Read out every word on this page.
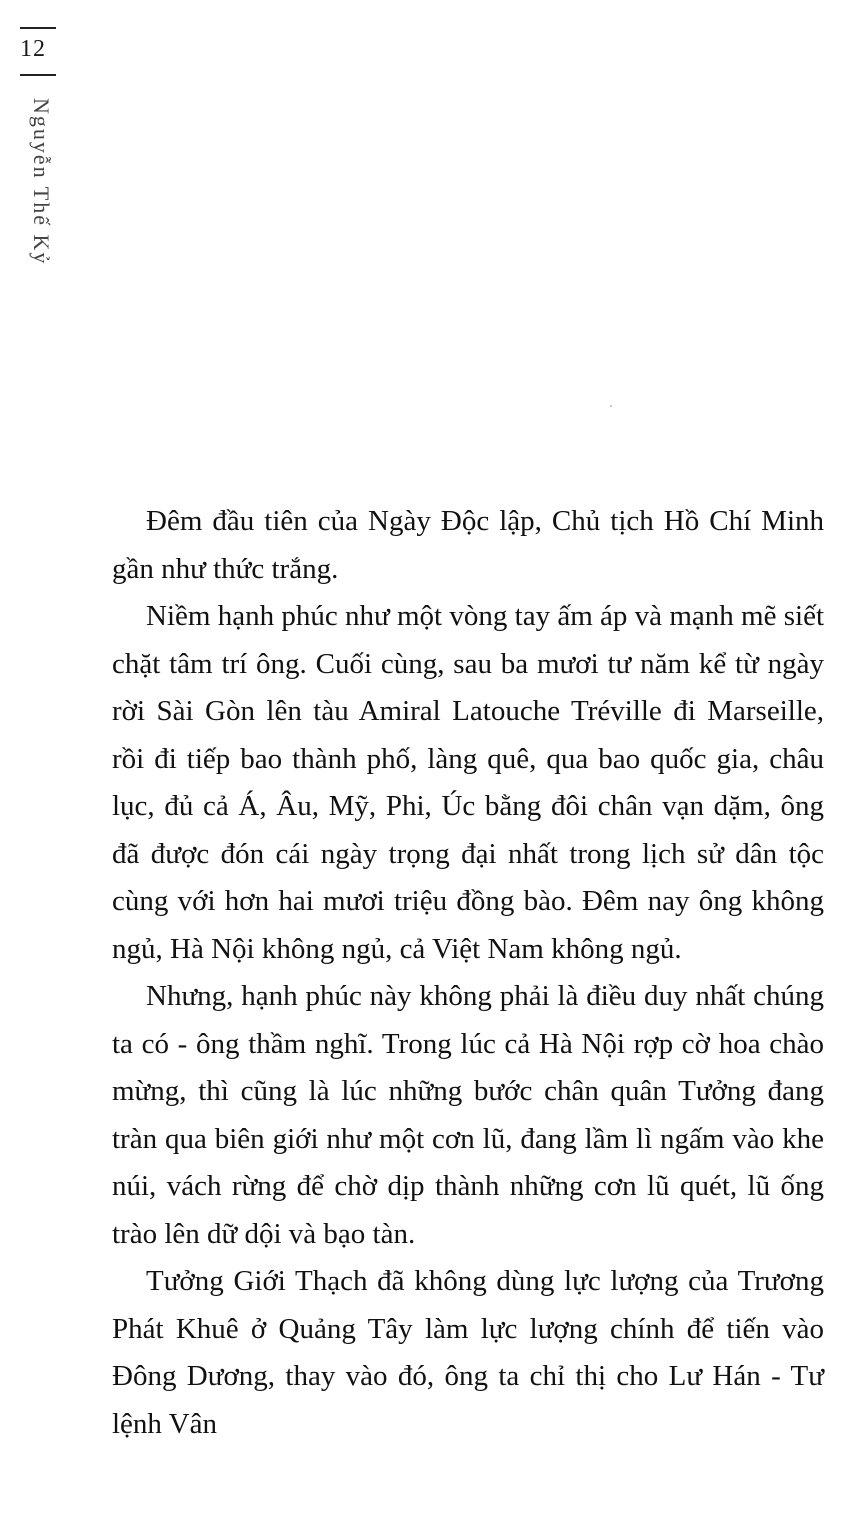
12
Nguyễn Thế Kỷ

Đêm đầu tiên của Ngày Độc lập, Chủ tịch Hồ Chí Minh gần như thức trắng.

Niềm hạnh phúc như một vòng tay ấm áp và mạnh mẽ siết chặt tâm trí ông. Cuối cùng, sau ba mươi tư năm kể từ ngày rời Sài Gòn lên tàu Amiral Latouche Tréville đi Marseille, rồi đi tiếp bao thành phố, làng quê, qua bao quốc gia, châu lục, đủ cả Á, Âu, Mỹ, Phi, Úc bằng đôi chân vạn dặm, ông đã được đón cái ngày trọng đại nhất trong lịch sử dân tộc cùng với hơn hai mươi triệu đồng bào. Đêm nay ông không ngủ, Hà Nội không ngủ, cả Việt Nam không ngủ.

Nhưng, hạnh phúc này không phải là điều duy nhất chúng ta có - ông thầm nghĩ. Trong lúc cả Hà Nội rợp cờ hoa chào mừng, thì cũng là lúc những bước chân quân Tưởng đang tràn qua biên giới như một cơn lũ, đang lầm lì ngấm vào khe núi, vách rừng để chờ dịp thành những cơn lũ quét, lũ ống trào lên dữ dội và bạo tàn.

Tưởng Giới Thạch đã không dùng lực lượng của Trương Phát Khuê ở Quảng Tây làm lực lượng chính để tiến vào Đông Dương, thay vào đó, ông ta chỉ thị cho Lư Hán - Tư lệnh Vân
